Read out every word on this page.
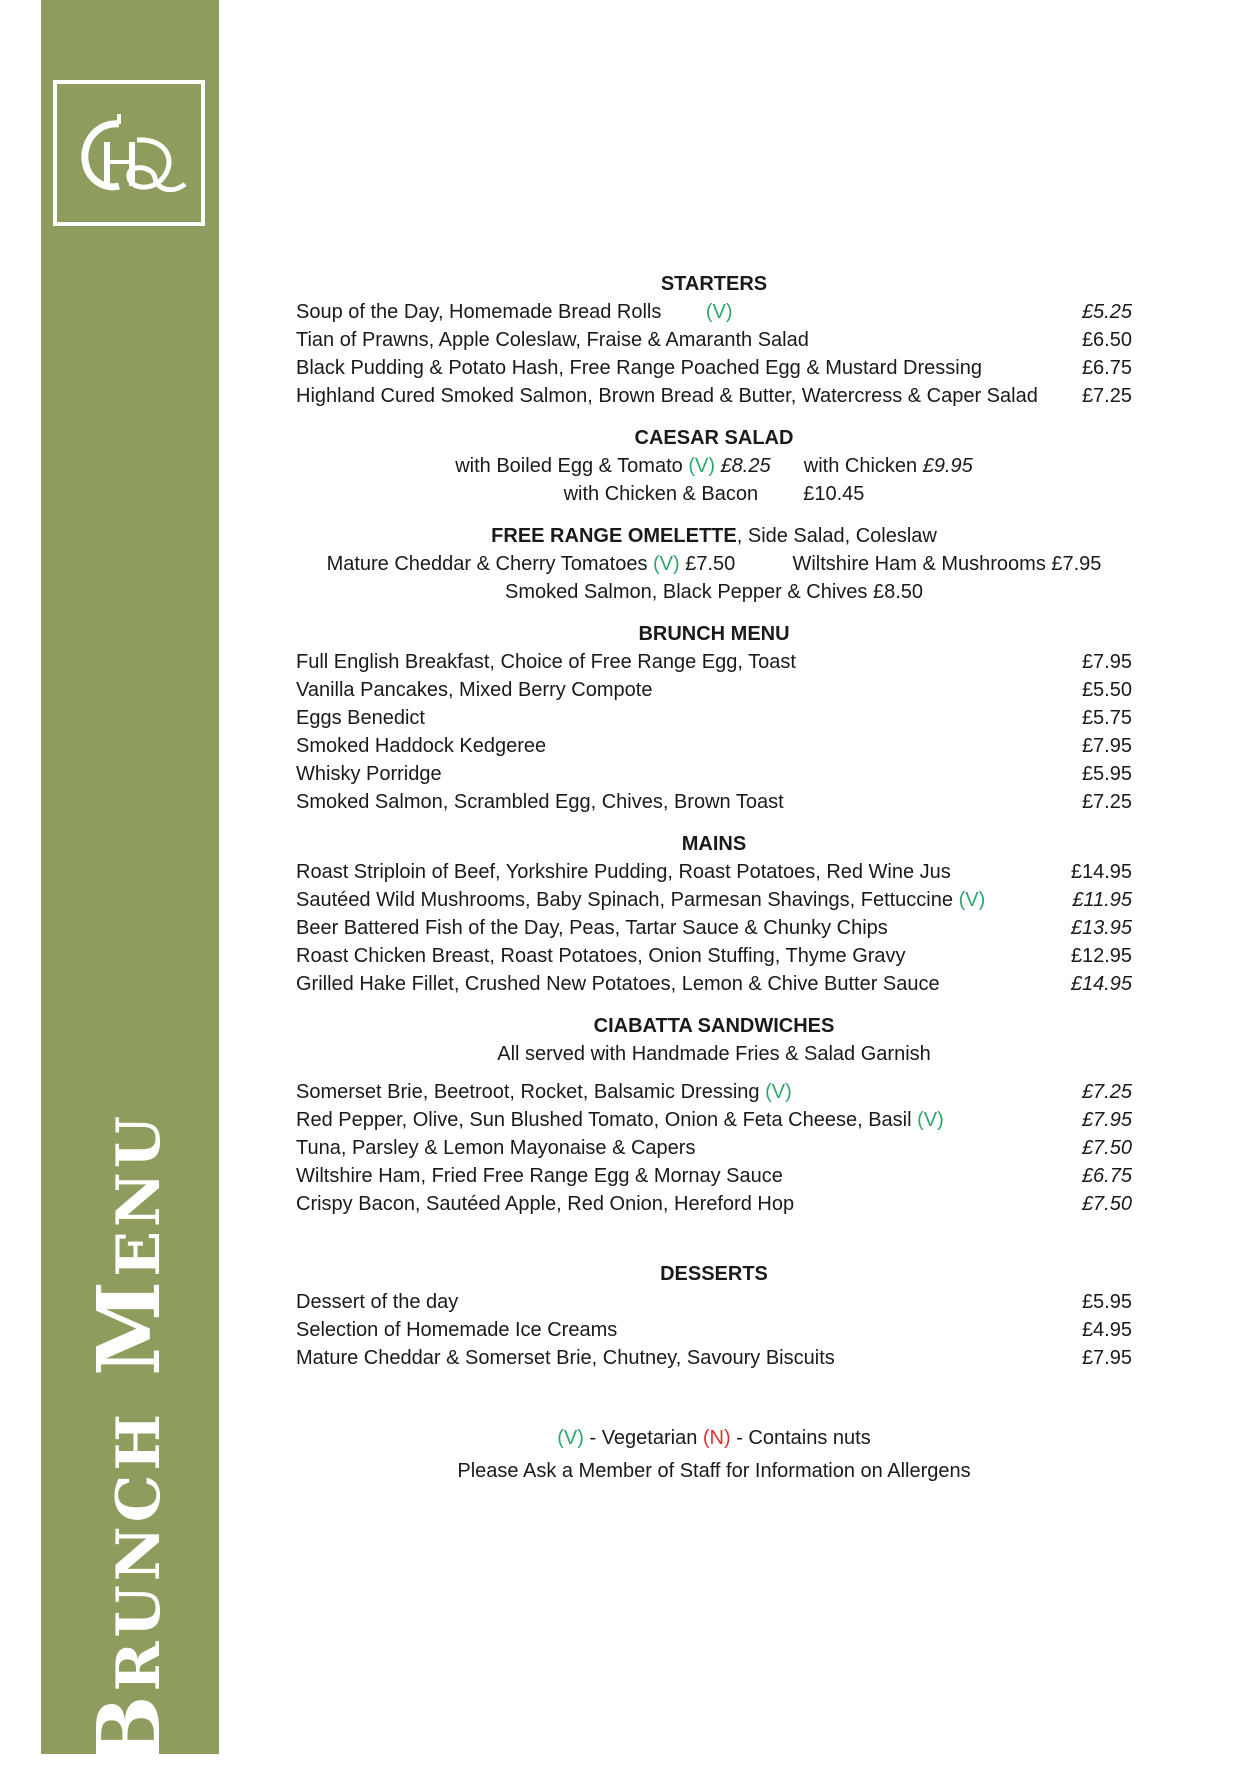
Brunch Menu
STARTERS
Soup of the Day, Homemade Bread Rolls (V)	£5.25
Tian of Prawns, Apple Coleslaw, Fraise & Amaranth Salad	£6.50
Black Pudding & Potato Hash, Free Range Poached Egg & Mustard Dressing	£6.75
Highland Cured Smoked Salmon, Brown Bread & Butter, Watercress & Caper Salad	£7.25
CAESAR SALAD
with Boiled Egg & Tomato (V) £8.25 with Chicken £9.95
with Chicken & Bacon £10.45
FREE RANGE OMELETTE, Side Salad, Coleslaw
Mature Cheddar & Cherry Tomatoes (V) £7.50	Wiltshire Ham & Mushrooms £7.95
Smoked Salmon, Black Pepper & Chives £8.50
BRUNCH MENU
Full English Breakfast, Choice of Free Range Egg, Toast	£7.95
Vanilla Pancakes, Mixed Berry Compote	£5.50
Eggs Benedict	£5.75
Smoked Haddock Kedgeree	£7.95
Whisky Porridge	£5.95
Smoked Salmon, Scrambled Egg, Chives, Brown Toast	£7.25
MAINS
Roast Striploin of Beef, Yorkshire Pudding, Roast Potatoes, Red Wine Jus	£14.95
Sautéed Wild Mushrooms, Baby Spinach, Parmesan Shavings, Fettuccine (V)	£11.95
Beer Battered Fish of the Day, Peas, Tartar Sauce & Chunky Chips	£13.95
Roast Chicken Breast, Roast Potatoes, Onion Stuffing, Thyme Gravy	£12.95
Grilled Hake Fillet, Crushed New Potatoes, Lemon & Chive Butter Sauce	£14.95
CIABATTA SANDWICHES
All served with Handmade Fries & Salad Garnish
Somerset Brie, Beetroot, Rocket, Balsamic Dressing (V)	£7.25
Red Pepper, Olive, Sun Blushed Tomato, Onion & Feta Cheese, Basil (V)	£7.95
Tuna, Parsley & Lemon Mayonaise & Capers	£7.50
Wiltshire Ham, Fried Free Range Egg & Mornay Sauce	£6.75
Crispy Bacon, Sautéed Apple, Red Onion, Hereford Hop	£7.50
DESSERTS
Dessert of the day	£5.95
Selection of Homemade Ice Creams	£4.95
Mature Cheddar & Somerset Brie, Chutney, Savoury Biscuits	£7.95
(V) - Vegetarian (N) - Contains nuts
Please Ask a Member of Staff for Information on Allergens
